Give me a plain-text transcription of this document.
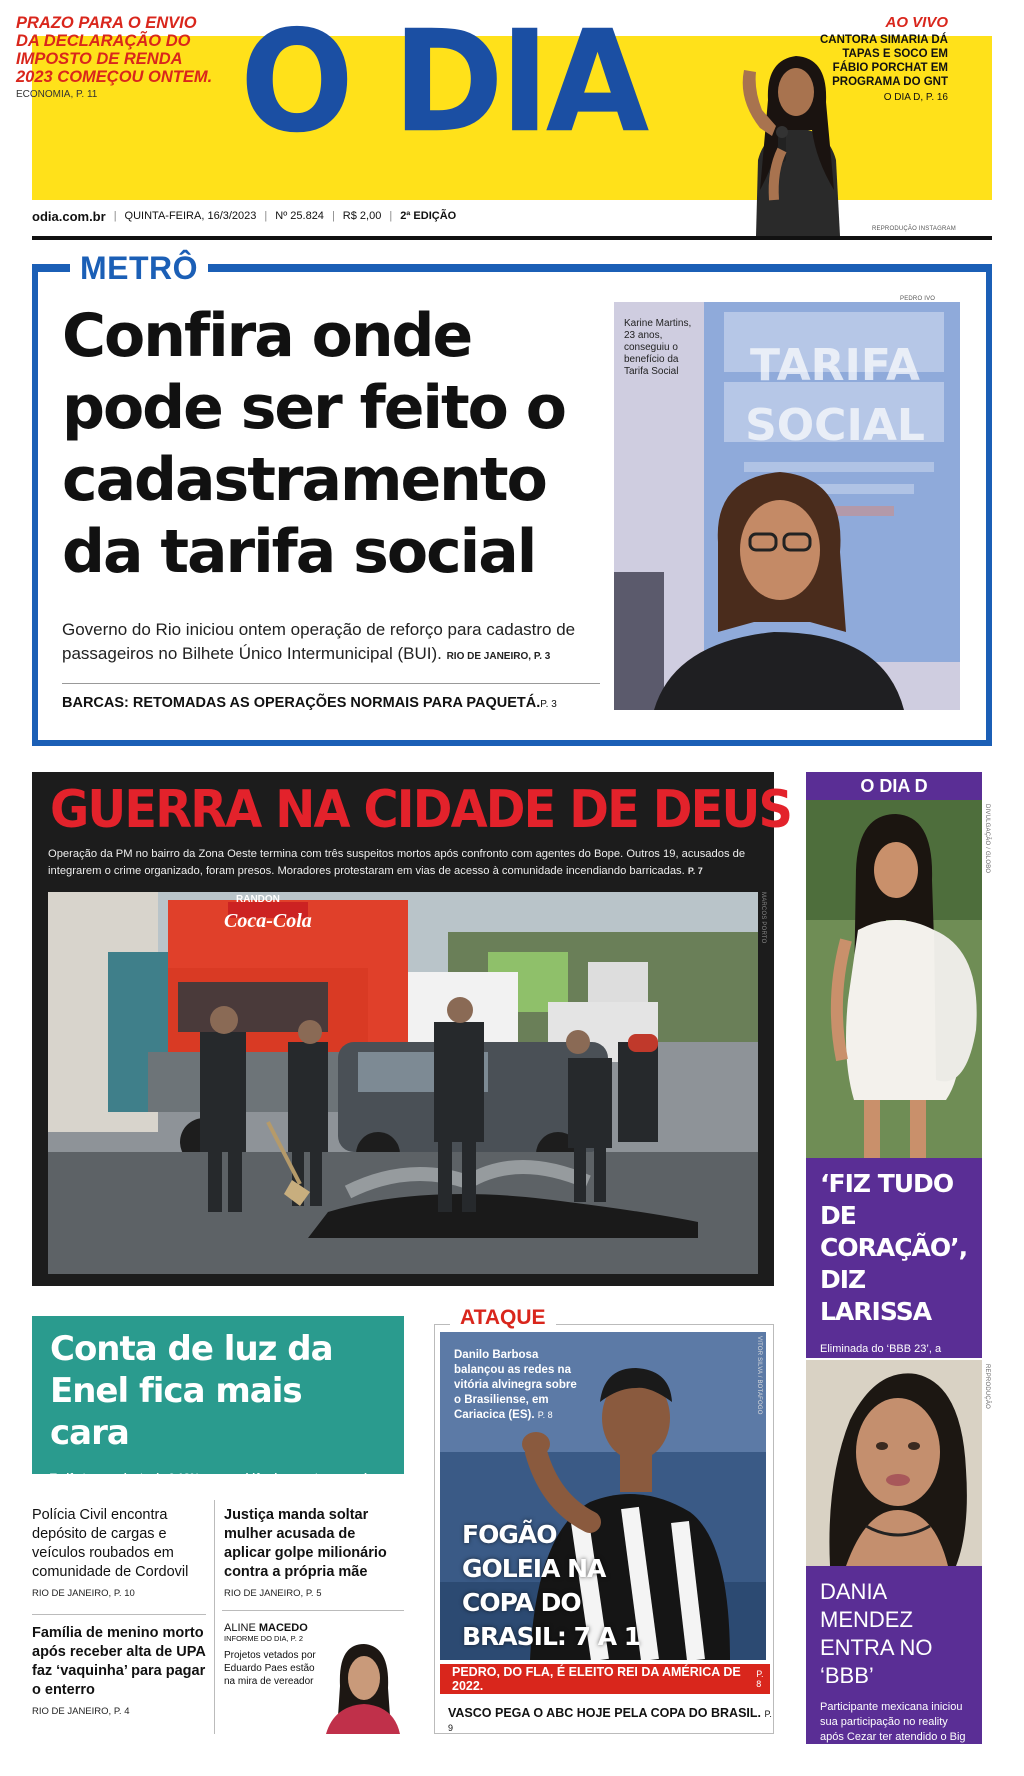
PRAZO PARA O ENVIO DA DECLARAÇÃO DO IMPOSTO DE RENDA 2023 COMEÇOU ONTEM.
ECONOMIA, P. 11	O DIA	AO VIVO
CANTORA SIMARIA DÁ TAPAS E SOCO EM FÁBIO PORCHAT EM PROGRAMA DO GNT
O DIA D, P. 16
REPRODUÇÃO INSTAGRAM
odia.com.br | QUINTA-FEIRA, 16/3/2023 | Nº 25.824 | R$ 2,00 | 2ª EDIÇÃO
METRÔ
Confira onde pode ser feito o cadastramento da tarifa social
Governo do Rio iniciou ontem operação de reforço para cadastro de passageiros no Bilhete Único Intermunicipal (BUI). RIO DE JANEIRO, P. 3
BARCAS: RETOMADAS AS OPERAÇÕES NORMAIS PARA PAQUETÁ.P. 3
TARIFA
SOCIAL
Karine Martins, 23 anos, conseguiu o benefício da Tarifa Social
PEDRO IVO
GUERRA NA CIDADE DE DEUS
Operação da PM no bairro da Zona Oeste termina com três suspeitos mortos após confronto com agentes do Bope. Outros 19, acusados de integrarem o crime organizado, foram presos. Moradores protestaram em vias de acesso à comunidade incendiando barricadas. P. 7
Coca-Cola
RANDON	MARCOS PORTO
O DIA D
DIVULGAÇÃO / GLOBO
‘FIZ TUDO DE CORAÇÃO’, DIZ LARISSA
Eliminada do ‘BBB 23’, a
REPRODUÇÃO
DANIA MENDEZ ENTRA NO ‘BBB’
Participante mexicana iniciou sua participação no reality após Cezar ter atendido o Big Fone. P. 16
Conta de luz da Enel fica mais cara
Tarifa teve reajuste de 6,18% para residências e entrou em vigor ontem em 66 municípios do Estado do Rio. P. 11
Polícia Civil encontra depósito de cargas e veículos roubados em comunidade de Cordovil
RIO DE JANEIRO, P. 10
Família de menino morto após receber alta de UPA faz ‘vaquinha’ para pagar o enterro
RIO DE JANEIRO, P. 4
Justiça manda soltar mulher acusada de aplicar golpe milionário contra a própria mãe
RIO DE JANEIRO, P. 5
ALINE MACEDO
INFORME DO DIA, P. 2
Projetos vetados por Eduardo Paes estão na mira de vereador
ATAQUE
Danilo Barbosa balançou as redes na vitória alvinegra sobre o Brasiliense, em Cariacica (ES). P. 8
VITOR SILVA / BOTAFOGO
FOGÃO GOLEIA NA COPA DO BRASIL: 7 A 1
PEDRO, DO FLA, É ELEITO REI DA AMÉRICA DE 2022.

P. 8
VASCO PEGA O ABC HOJE PELA COPA DO BRASIL. P. 9
